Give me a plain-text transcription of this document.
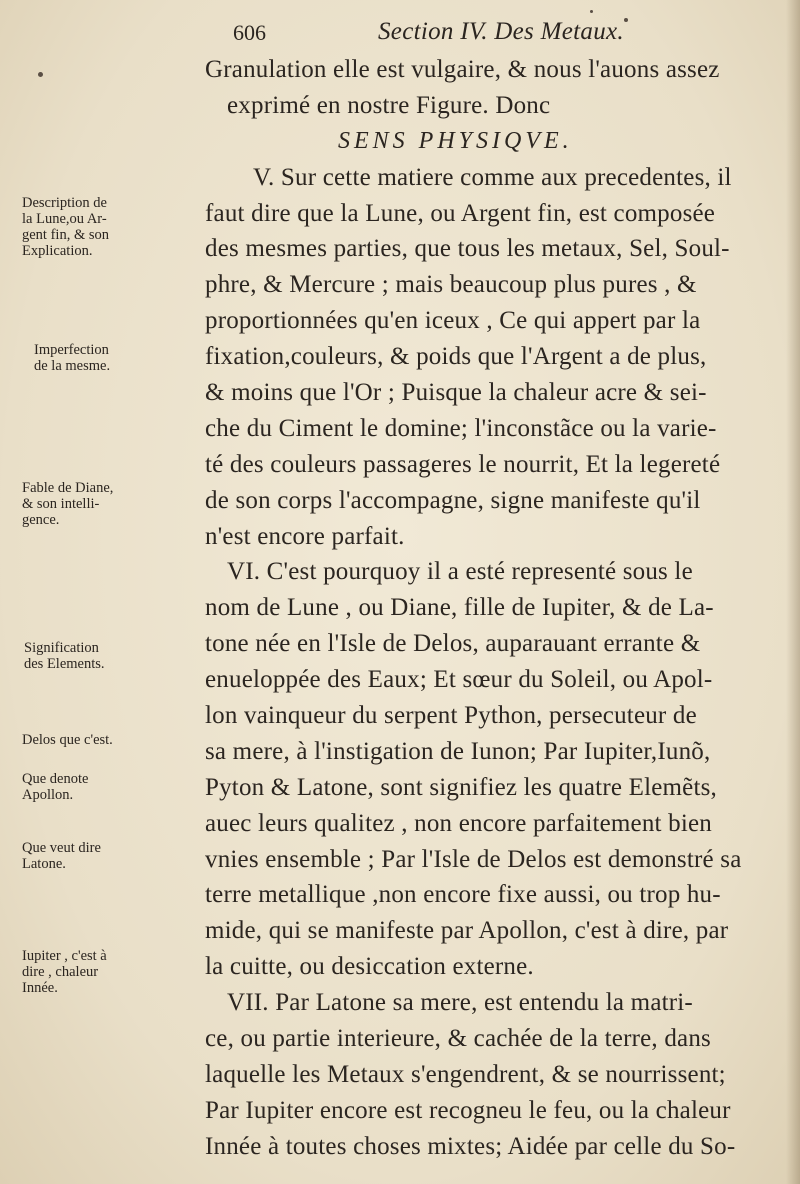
606	Section IV. Des Metaux.
Granulation elle est vulgaire, & nous l'auons assez
exprimé en nostre Figure. Donc
SENS PHYSIQVE.
V. Sur cette matiere comme aux precedentes, il
faut dire que la Lune, ou Argent fin, est composée
des mesmes parties, que tous les metaux, Sel, Soul-
phre, & Mercure ; mais beaucoup plus pures , &
proportionnées qu'en iceux , Ce qui appert par la
fixation,couleurs, & poids que l'Argent a de plus,
& moins que l'Or ; Puisque la chaleur acre & sei-
che du Ciment le domine; l'inconstãce ou la varie-
té des couleurs passageres le nourrit, Et la legereté
de son corps l'accompagne, signe manifeste qu'il
n'est encore parfait.
VI. C'est pourquoy il a esté representé sous le
nom de Lune , ou Diane, fille de Iupiter, & de La-
tone née en l'Isle de Delos, auparauant errante &
enueloppée des Eaux; Et sœur du Soleil, ou Apol-
lon vainqueur du serpent Python, persecuteur de
sa mere, à l'instigation de Iunon; Par Iupiter,Iunõ,
Pyton & Latone, sont signifiez les quatre Elemẽts,
auec leurs qualitez , non encore parfaitement bien
vnies ensemble ; Par l'Isle de Delos est demonstré sa
terre metallique ,non encore fixe aussi, ou trop hu-
mide, qui se manifeste par Apollon, c'est à dire, par
la cuitte, ou desiccation externe.
VII. Par Latone sa mere, est entendu la matri-
ce, ou partie interieure, & cachée de la terre, dans
laquelle les Metaux s'engendrent, & se nourrissent;
Par Iupiter encore est recogneu le feu, ou la chaleur
Innée à toutes choses mixtes; Aidée par celle du So-
Description de
la Lune,ou Ar-
gent fin, & son
Explication.
Imperfection
de la mesme.
Fable de Diane,
& son intelli-
gence.
Signification
des Elements.
Delos que c'est.
Que denote
Apollon.
Que veut dire
Latone.
Iupiter , c'est à
dire , chaleur
Innée.
